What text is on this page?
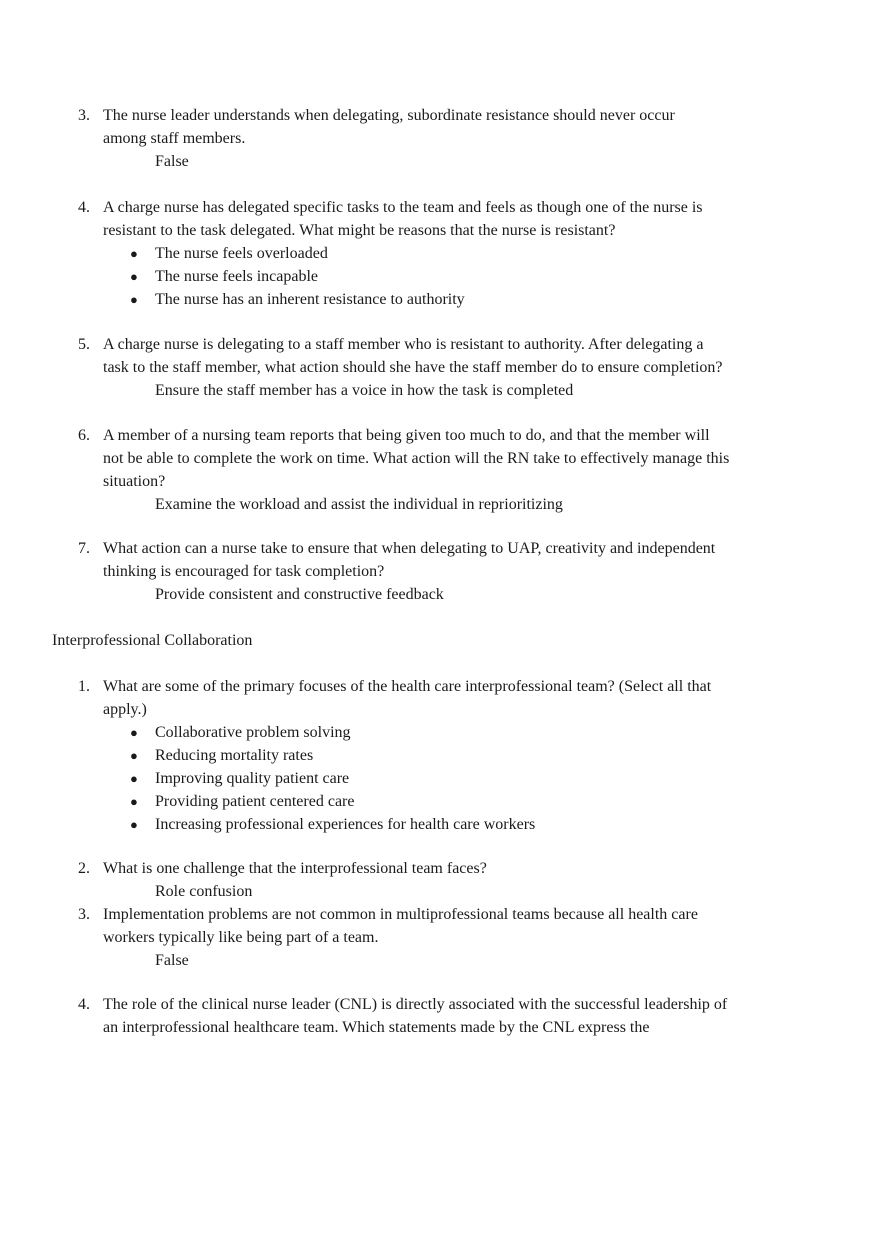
3. The nurse leader understands when delegating, subordinate resistance should never occur
among staff members.
False
4. A charge nurse has delegated specific tasks to the team and feels as though one of the nurse is
resistant to the task delegated. What might be reasons that the nurse is resistant?
● The nurse feels overloaded
● The nurse feels incapable
● The nurse has an inherent resistance to authority
5. A charge nurse is delegating to a staff member who is resistant to authority. After delegating a
task to the staff member, what action should she have the staff member do to ensure completion?
Ensure the staff member has a voice in how the task is completed
6. A member of a nursing team reports that being given too much to do, and that the member will
not be able to complete the work on time. What action will the RN take to effectively manage this
situation?
Examine the workload and assist the individual in reprioritizing
7. What action can a nurse take to ensure that when delegating to UAP, creativity and independent
thinking is encouraged for task completion?
Provide consistent and constructive feedback
Interprofessional Collaboration
1. What are some of the primary focuses of the health care interprofessional team? (Select all that
apply.)
● Collaborative problem solving
● Reducing mortality rates
● Improving quality patient care
● Providing patient centered care
● Increasing professional experiences for health care workers
2. What is one challenge that the interprofessional team faces?
Role confusion
3. Implementation problems are not common in multiprofessional teams because all health care
workers typically like being part of a team.
False
4. The role of the clinical nurse leader (CNL) is directly associated with the successful leadership of
an interprofessional healthcare team. Which statements made by the CNL express the
